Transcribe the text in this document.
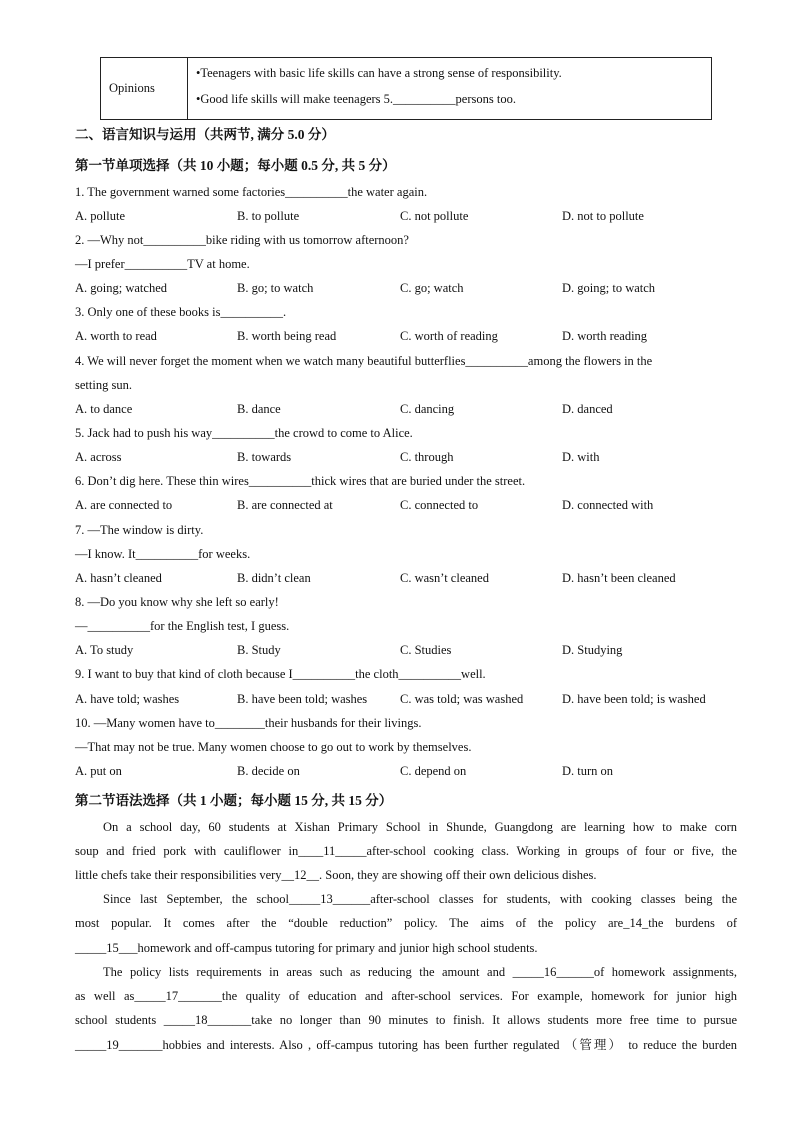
Opinions
•Teenagers with basic life skills can have a strong sense of responsibility.
•Good life skills will make teenagers 5.__________persons too.
二、语言知识与运用（共两节, 满分 5.0 分）
第一节单项选择（共 10 小题；每小题 0.5 分, 共 5 分）
1. The government warned some factories__________the water again.
A. pollute	B. to pollute	C. not pollute	D. not to pollute
2. —Why not__________bike riding with us tomorrow afternoon?
—I prefer__________TV at home.
A. going; watched	B. go; to watch	C. go; watch	D. going; to watch
3. Only one of these books is__________.
A. worth to read	B. worth being read	C. worth of reading	D. worth reading
4. We will never forget the moment when we watch many beautiful butterflies__________among the flowers in the
setting sun.
A. to dance	B. dance	C. dancing	D. danced
5. Jack had to push his way__________the crowd to come to Alice.
A. across	B. towards	C. through	D. with
6. Don’t dig here. These thin wires__________thick wires that are buried under the street.
A. are connected to	B. are connected at	C. connected to	D. connected with
7. —The window is dirty.
—I know. It__________for weeks.
A. hasn’t cleaned	B. didn’t clean	C. wasn’t cleaned	D. hasn’t been cleaned
8. —Do you know why she left so early!
—__________for the English test, I guess.
A. To study	B. Study	C. Studies	D. Studying
9. I want to buy that kind of cloth because I__________the cloth__________well.
A. have told; washes	B. have been told; washes	C. was told; was washed	D. have been told; is washed
10. —Many women have to________their husbands for their livings.
—That may not be true. Many women choose to go out to work by themselves.
A. put on	B. decide on	C. depend on	D. turn on
第二节语法选择（共 1 小题；每小题 15 分, 共 15 分）
On a school day, 60 students at Xishan Primary School in Shunde, Guangdong are learning how to make corn
soup and fried pork with cauliflower in____11_____after-school cooking class. Working in groups of four or five, the
little chefs take their responsibilities very__12__. Soon, they are showing off their own delicious dishes.
Since last September, the school_____13______after-school classes for students, with cooking classes being the
most popular. It comes after the “double reduction” policy. The aims of the policy are_14_the burdens of
_____15___homework and off-campus tutoring for primary and junior high school students.
The policy lists requirements in areas such as reducing the amount and _____16______of homework assignments,
as well as_____17_______the quality of education and after-school services. For example, homework for junior high
school students _____18_______take no longer than 90 minutes to finish. It allows students more free time to pursue
_____19_______hobbies and interests. Also , off-campus tutoring has been further regulated （管理） to reduce the burden
